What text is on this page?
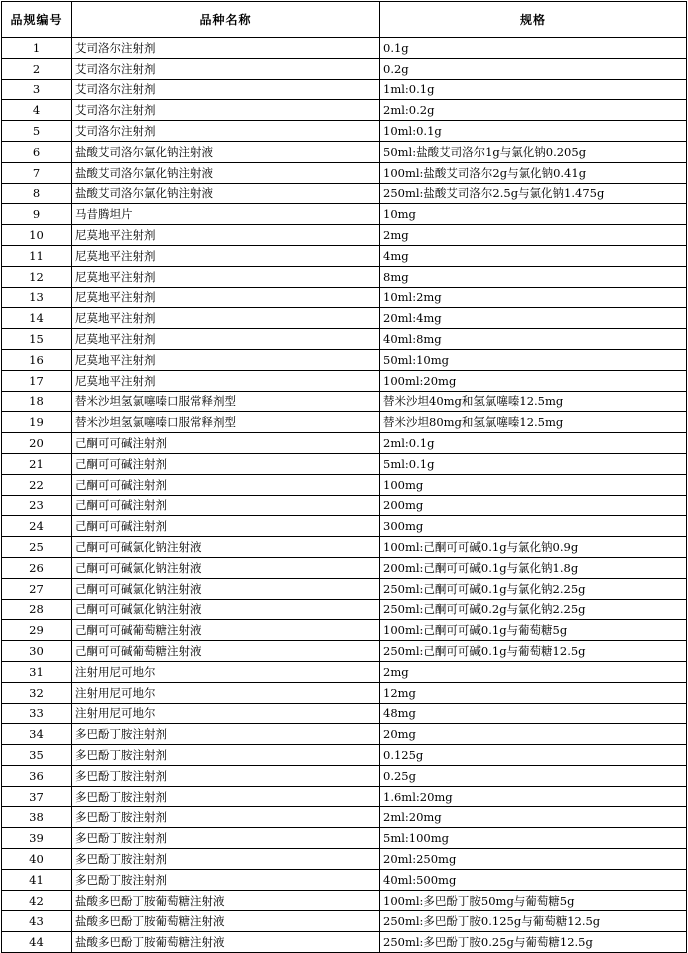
品规编号	品种名称	规格
1	艾司洛尔注射剂	0.1g
2	艾司洛尔注射剂	0.2g
3	艾司洛尔注射剂	1ml:0.1g
4	艾司洛尔注射剂	2ml:0.2g
5	艾司洛尔注射剂	10ml:0.1g
6	盐酸艾司洛尔氯化钠注射液	50ml:盐酸艾司洛尔1g与氯化钠0.205g
7	盐酸艾司洛尔氯化钠注射液	100ml:盐酸艾司洛尔2g与氯化钠0.41g
8	盐酸艾司洛尔氯化钠注射液	250ml:盐酸艾司洛尔2.5g与氯化钠1.475g
9	马昔腾坦片	10mg
10	尼莫地平注射剂	2mg
11	尼莫地平注射剂	4mg
12	尼莫地平注射剂	8mg
13	尼莫地平注射剂	10ml:2mg
14	尼莫地平注射剂	20ml:4mg
15	尼莫地平注射剂	40ml:8mg
16	尼莫地平注射剂	50ml:10mg
17	尼莫地平注射剂	100ml:20mg
18	替米沙坦氢氯噻嗪口服常释剂型	替米沙坦40mg和氢氯噻嗪12.5mg
19	替米沙坦氢氯噻嗪口服常释剂型	替米沙坦80mg和氢氯噻嗪12.5mg
20	己酮可可碱注射剂	2ml:0.1g
21	己酮可可碱注射剂	5ml:0.1g
22	己酮可可碱注射剂	100mg
23	己酮可可碱注射剂	200mg
24	己酮可可碱注射剂	300mg
25	己酮可可碱氯化钠注射液	100ml:己酮可可碱0.1g与氯化钠0.9g
26	己酮可可碱氯化钠注射液	200ml:己酮可可碱0.1g与氯化钠1.8g
27	己酮可可碱氯化钠注射液	250ml:己酮可可碱0.1g与氯化钠2.25g
28	己酮可可碱氯化钠注射液	250ml:己酮可可碱0.2g与氯化钠2.25g
29	己酮可可碱葡萄糖注射液	100ml:己酮可可碱0.1g与葡萄糖5g
30	己酮可可碱葡萄糖注射液	250ml:己酮可可碱0.1g与葡萄糖12.5g
31	注射用尼可地尔	2mg
32	注射用尼可地尔	12mg
33	注射用尼可地尔	48mg
34	多巴酚丁胺注射剂	20mg
35	多巴酚丁胺注射剂	0.125g
36	多巴酚丁胺注射剂	0.25g
37	多巴酚丁胺注射剂	1.6ml:20mg
38	多巴酚丁胺注射剂	2ml:20mg
39	多巴酚丁胺注射剂	5ml:100mg
40	多巴酚丁胺注射剂	20ml:250mg
41	多巴酚丁胺注射剂	40ml:500mg
42	盐酸多巴酚丁胺葡萄糖注射液	100ml:多巴酚丁胺50mg与葡萄糖5g
43	盐酸多巴酚丁胺葡萄糖注射液	250ml:多巴酚丁胺0.125g与葡萄糖12.5g
44	盐酸多巴酚丁胺葡萄糖注射液	250ml:多巴酚丁胺0.25g与葡萄糖12.5g
